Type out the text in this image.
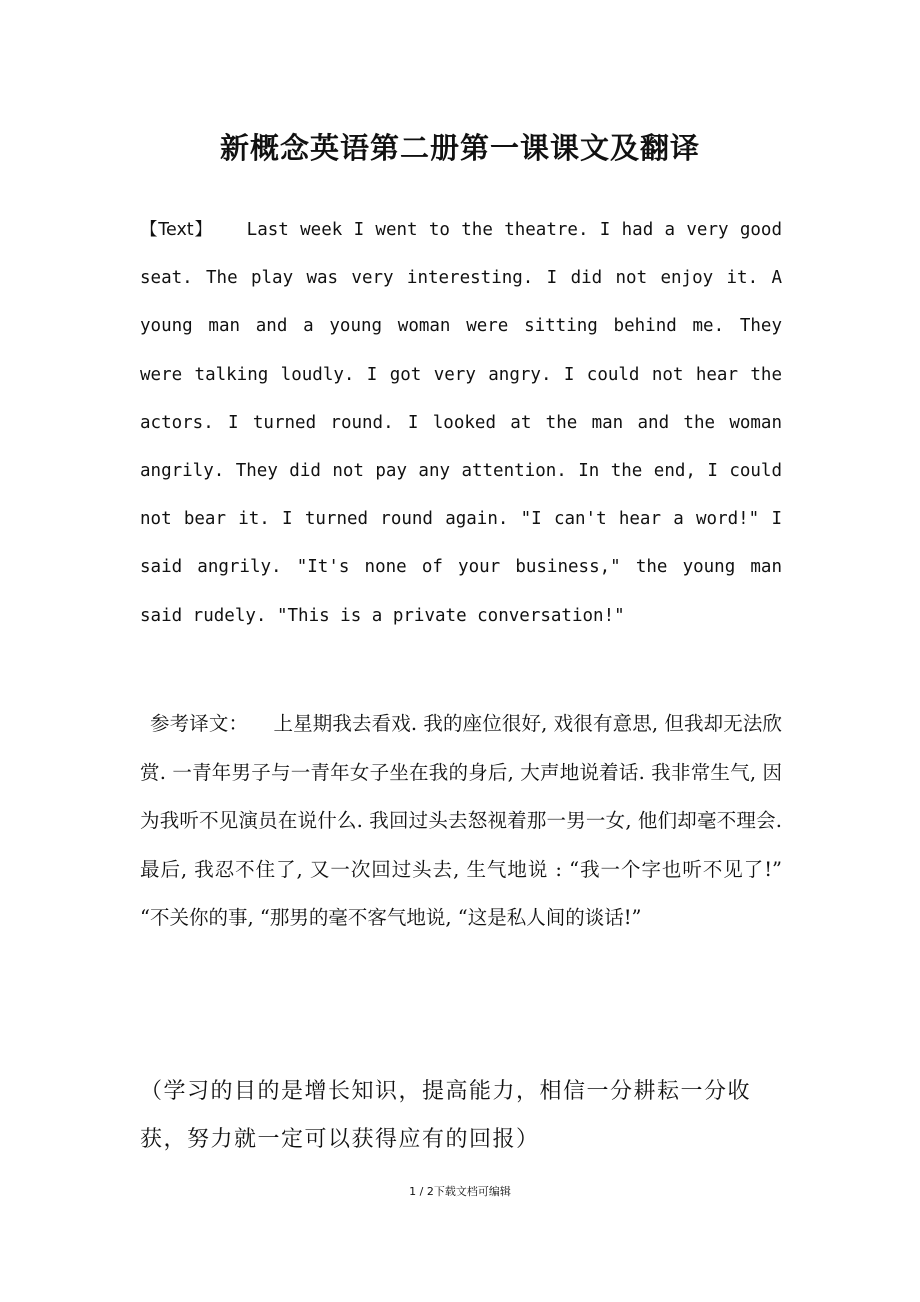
新概念英语第二册第一课课文及翻译
【Text】 Last week I went to the theatre. I had a very good seat. The play was very interesting. I did not enjoy it. A young man and a young woman were sitting behind me. They were talking loudly. I got very angry. I could not hear the actors. I turned round. I looked at the man and the woman angrily. They did not pay any attention. In the end, I could not bear it. I turned round again. "I can't hear a word!" I said angrily. "It's none of your business," the young man said rudely. "This is a private conversation!"
参考译文： 上星期我去看戏. 我的座位很好, 戏很有意思, 但我却无法欣赏. 一青年男子与一青年女子坐在我的身后, 大声地说着话. 我非常生气, 因为我听不见演员在说什么. 我回过头去怒视着那一男一女, 他们却毫不理会. 最后, 我忍不住了, 又一次回过头去, 生气地说 : “我一个字也听不见了!” “不关你的事, “那男的毫不客气地说, “这是私人间的谈话!”
（学习的目的是增长知识，提高能力，相信一分耕耘一分收获，努力就一定可以获得应有的回报）
1 / 2下载文档可编辑
